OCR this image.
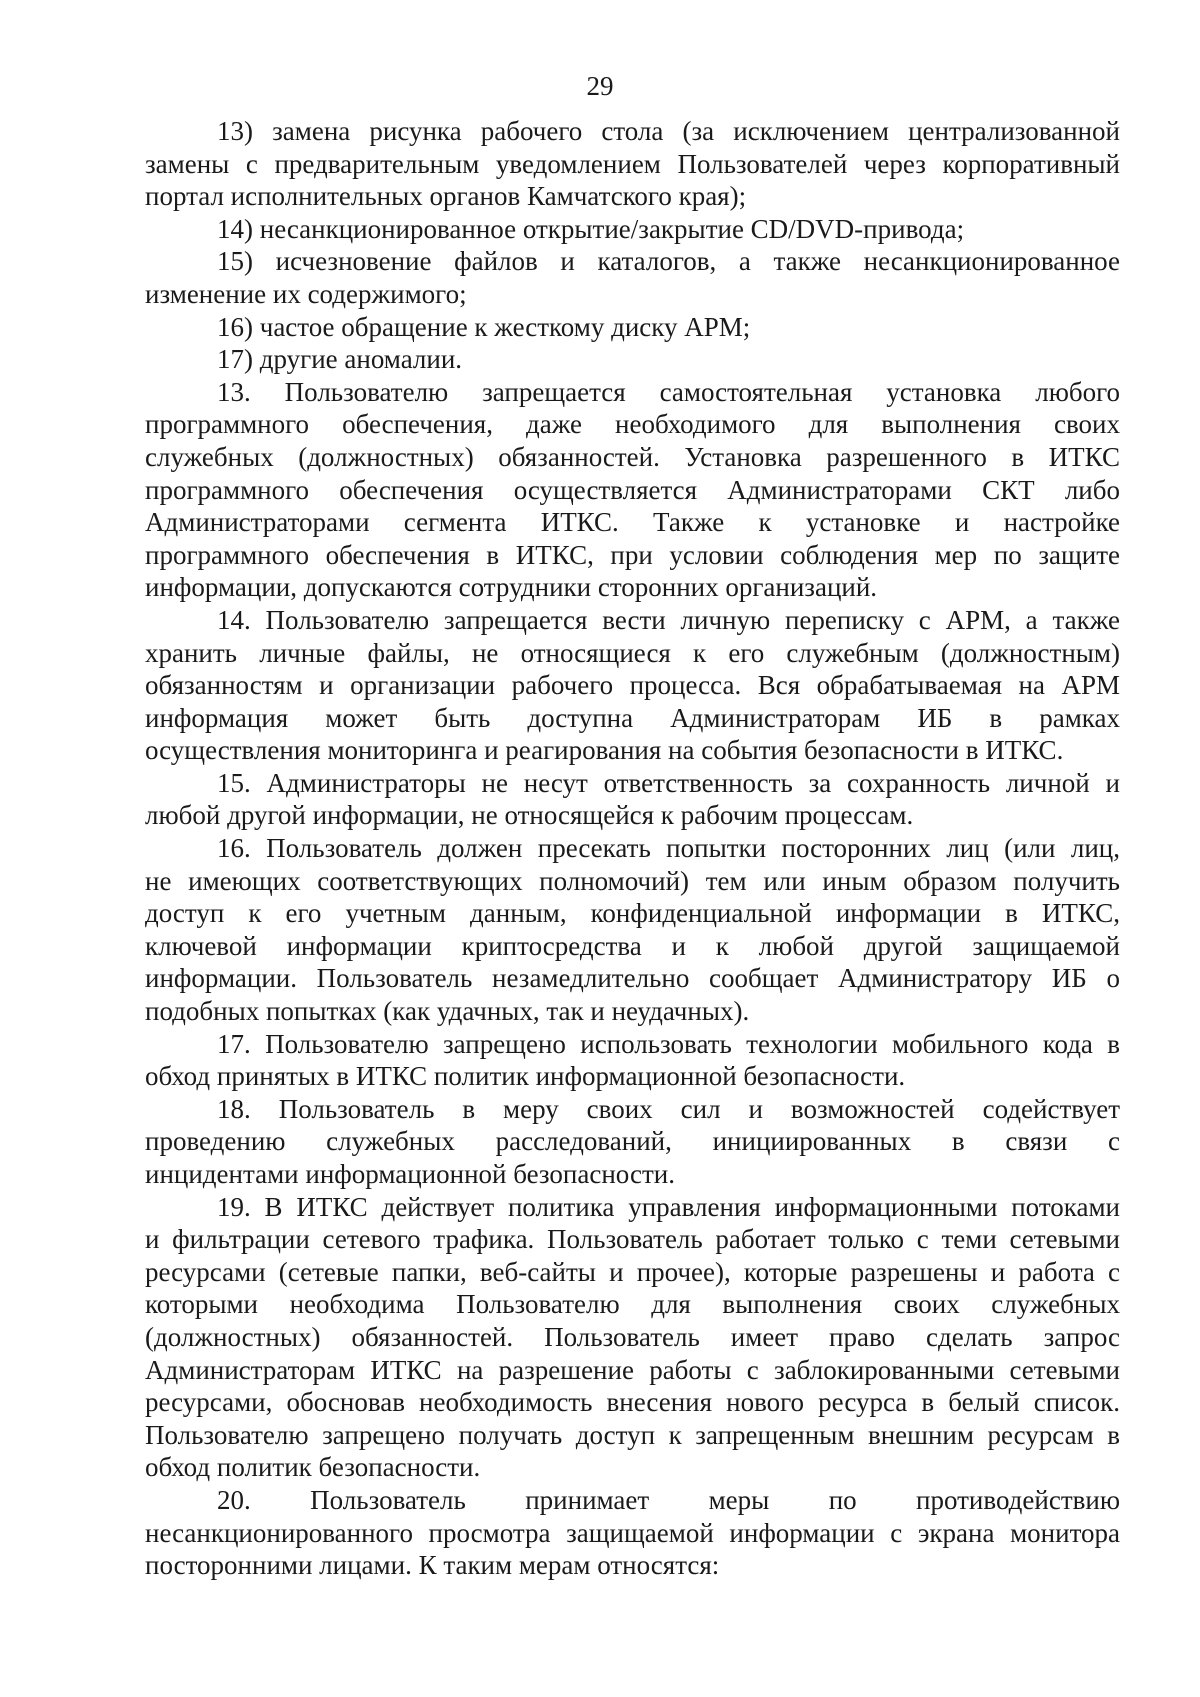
29
13) замена рисунка рабочего стола (за исключением централизованной
замены с предварительным уведомлением Пользователей через корпоративный
портал исполнительных органов Камчатского края);
14) несанкционированное открытие/закрытие CD/DVD-привода;
15) исчезновение файлов и каталогов, а также несанкционированное
изменение их содержимого;
16) частое обращение к жесткому диску АРМ;
17) другие аномалии.
13. Пользователю запрещается самостоятельная установка любого
программного обеспечения, даже необходимого для выполнения своих
служебных (должностных) обязанностей. Установка разрешенного в ИТКС
программного обеспечения осуществляется Администраторами СКТ либо
Администраторами сегмента ИТКС. Также к установке и настройке
программного обеспечения в ИТКС, при условии соблюдения мер по защите
информации, допускаются сотрудники сторонних организаций.
14. Пользователю запрещается вести личную переписку с АРМ, а также
хранить личные файлы, не относящиеся к его служебным (должностным)
обязанностям и организации рабочего процесса. Вся обрабатываемая на АРМ
информация может быть доступна Администраторам ИБ в рамках
осуществления мониторинга и реагирования на события безопасности в ИТКС.
15. Администраторы не несут ответственность за сохранность личной и
любой другой информации, не относящейся к рабочим процессам.
16. Пользователь должен пресекать попытки посторонних лиц (или лиц,
не имеющих соответствующих полномочий) тем или иным образом получить
доступ к его учетным данным, конфиденциальной информации в ИТКС,
ключевой информации криптосредства и к любой другой защищаемой
информации. Пользователь незамедлительно сообщает Администратору ИБ о
подобных попытках (как удачных, так и неудачных).
17. Пользователю запрещено использовать технологии мобильного кода в
обход принятых в ИТКС политик информационной безопасности.
18. Пользователь в меру своих сил и возможностей содействует
проведению служебных расследований, инициированных в связи с
инцидентами информационной безопасности.
19. В ИТКС действует политика управления информационными потоками
и фильтрации сетевого трафика. Пользователь работает только с теми сетевыми
ресурсами (сетевые папки, веб-сайты и прочее), которые разрешены и работа с
которыми необходима Пользователю для выполнения своих служебных
(должностных) обязанностей. Пользователь имеет право сделать запрос
Администраторам ИТКС на разрешение работы с заблокированными сетевыми
ресурсами, обосновав необходимость внесения нового ресурса в белый список.
Пользователю запрещено получать доступ к запрещенным внешним ресурсам в
обход политик безопасности.
20. Пользователь принимает меры по противодействию
несанкционированного просмотра защищаемой информации с экрана монитора
посторонними лицами. К таким мерам относятся:
